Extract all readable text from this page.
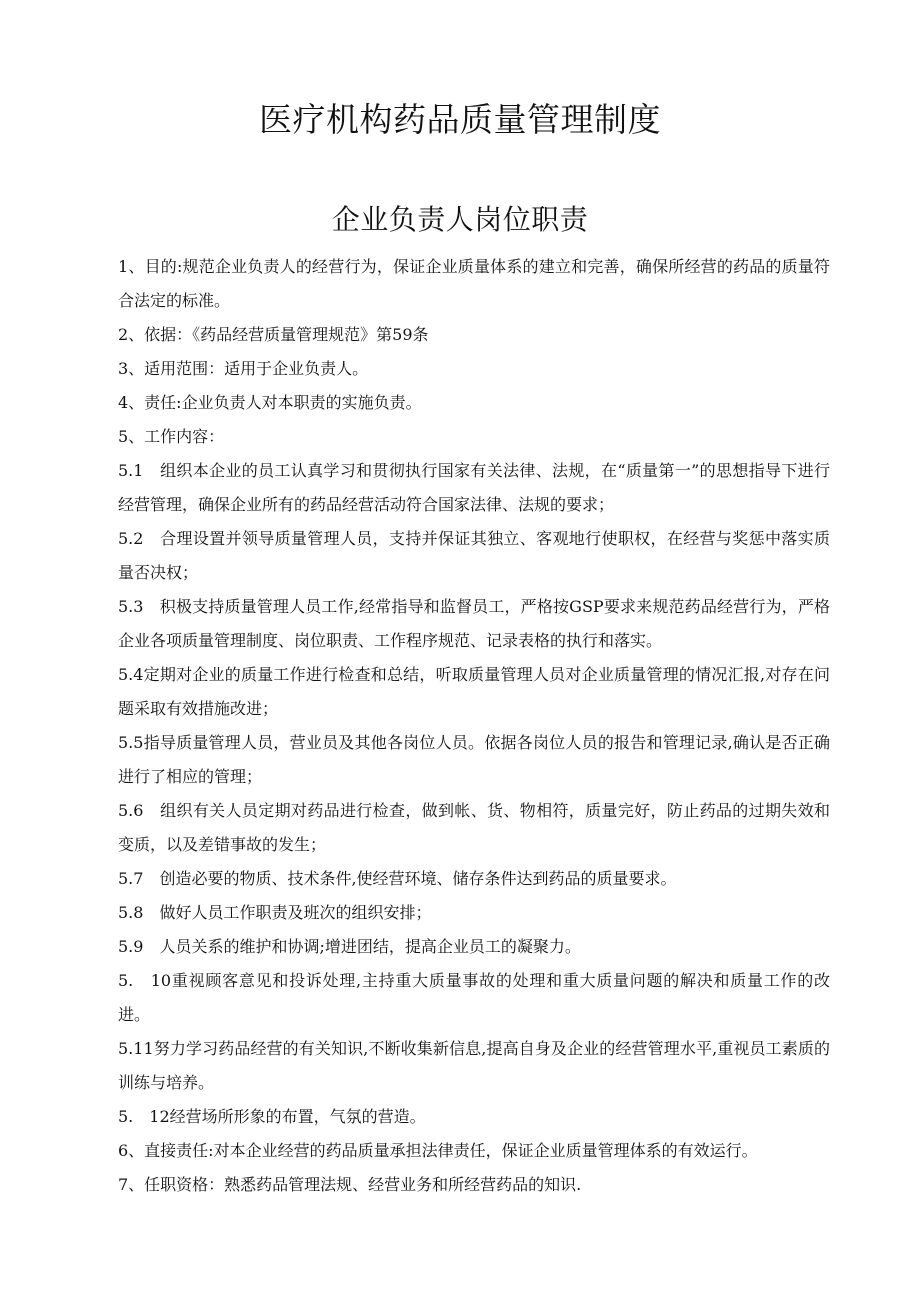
医疗机构药品质量管理制度
企业负责人岗位职责

1、目的:规范企业负责人的经营行为，保证企业质量体系的建立和完善，确保所经营的药品的质量符合法定的标准。

2、依据：《药品经营质量管理规范》第59条

3、适用范围：适用于企业负责人。

4、责任:企业负责人对本职责的实施负责。

5、工作内容：

5.1　组织本企业的员工认真学习和贯彻执行国家有关法律、法规，在“质量第一”的思想指导下进行经营管理，确保企业所有的药品经营活动符合国家法律、法规的要求；

5.2　合理设置并领导质量管理人员，支持并保证其独立、客观地行使职权，在经营与奖惩中落实质量否决权；

5.3　积极支持质量管理人员工作,经常指导和监督员工，严格按GSP要求来规范药品经营行为，严格企业各项质量管理制度、岗位职责、工作程序规范、记录表格的执行和落实。

5.4定期对企业的质量工作进行检查和总结，听取质量管理人员对企业质量管理的情况汇报,对存在问题采取有效措施改进；

5.5指导质量管理人员，营业员及其他各岗位人员。依据各岗位人员的报告和管理记录,确认是否正确进行了相应的管理；

5.6　组织有关人员定期对药品进行检查，做到帐、货、物相符，质量完好，防止药品的过期失效和变质，以及差错事故的发生；

5.7　创造必要的物质、技术条件,使经营环境、储存条件达到药品的质量要求。

5.8　做好人员工作职责及班次的组织安排；

5.9　人员关系的维护和协调;增进团结，提高企业员工的凝聚力。

5.　10重视顾客意见和投诉处理,主持重大质量事故的处理和重大质量问题的解决和质量工作的改进。

5.11努力学习药品经营的有关知识,不断收集新信息,提高自身及企业的经营管理水平,重视员工素质的训练与培养。

5.　12经营场所形象的布置，气氛的营造。

6、直接责任:对本企业经营的药品质量承担法律责任，保证企业质量管理体系的有效运行。

7、任职资格：熟悉药品管理法规、经营业务和所经营药品的知识.
